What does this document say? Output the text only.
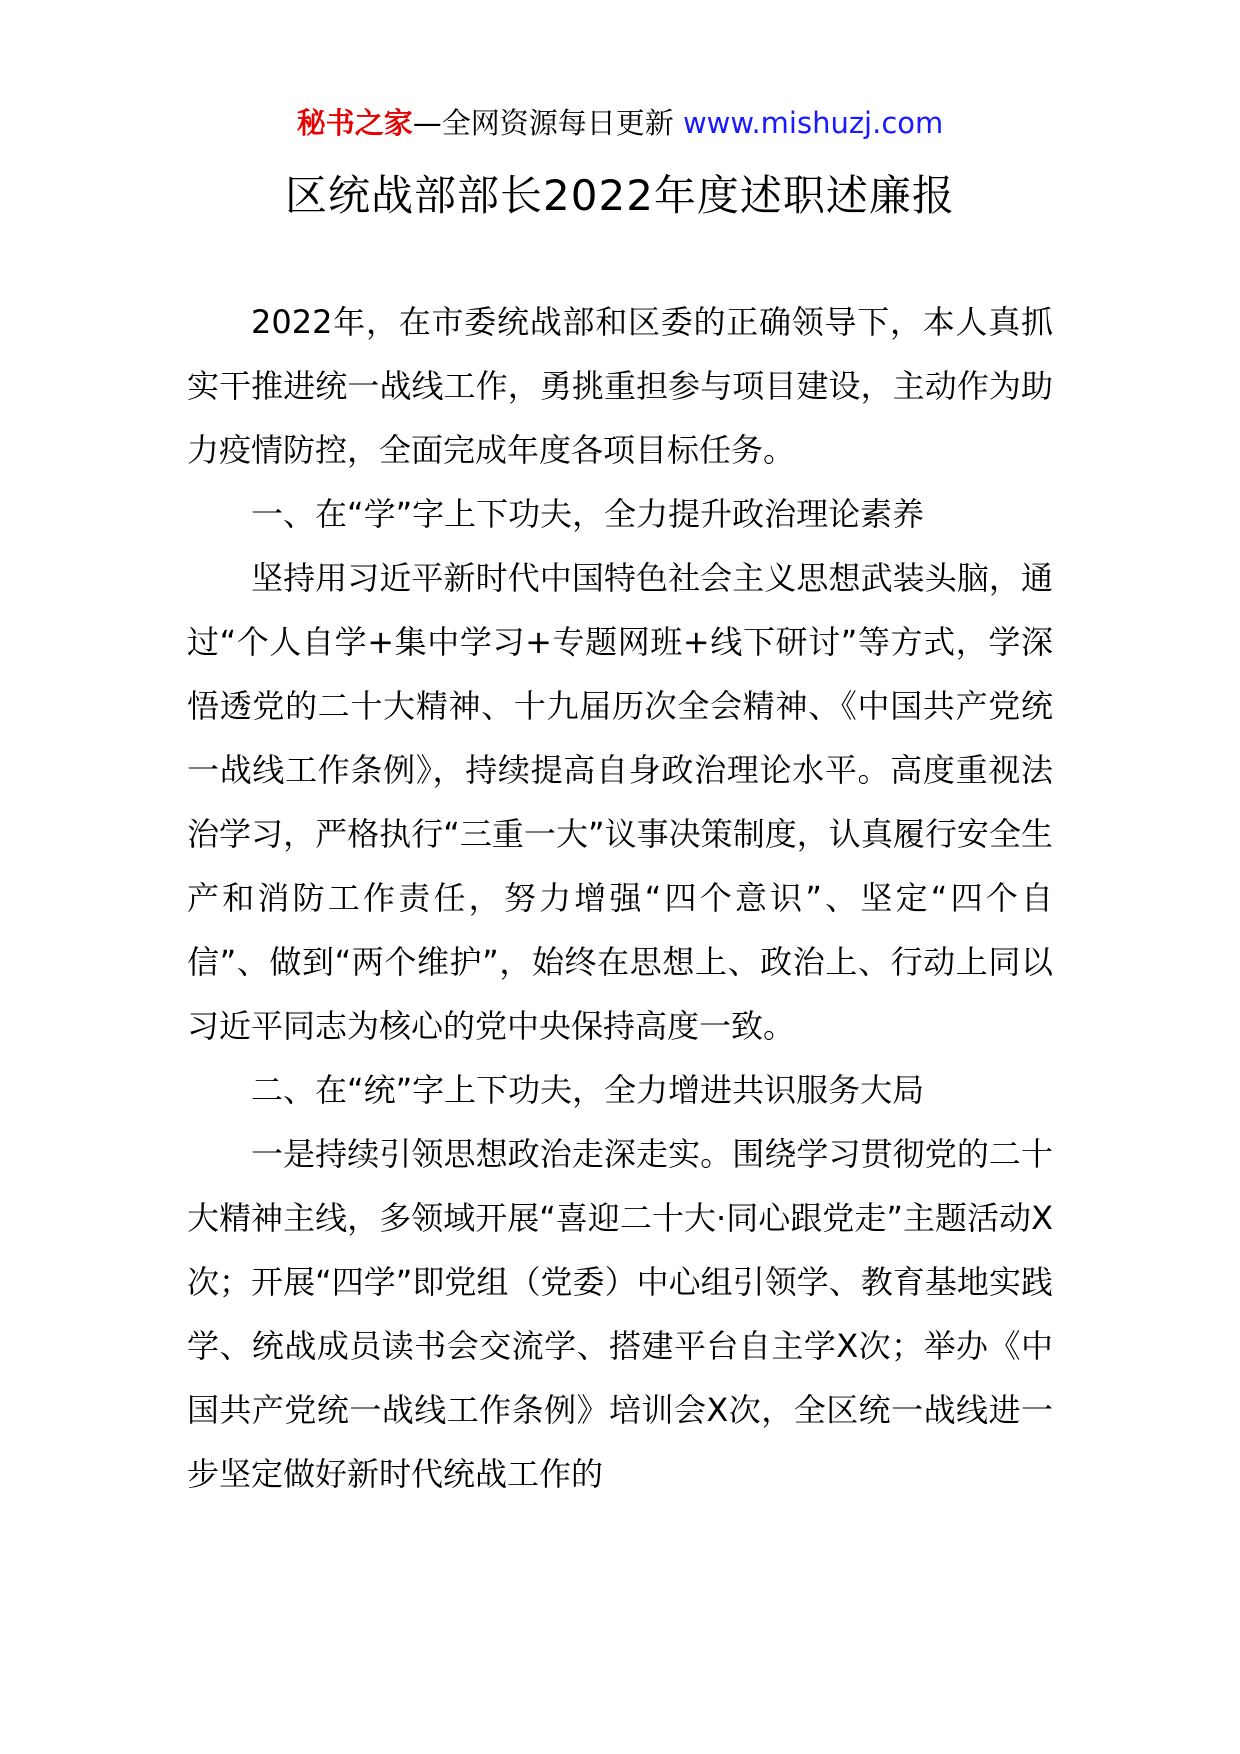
秘书之家—全网资源每日更新 www.mishuzj.com
区统战部部长2022年度述职述廉报

2022年，在市委统战部和区委的正确领导下，本人真抓实干推进统一战线工作，勇挑重担参与项目建设，主动作为助力疫情防控，全面完成年度各项目标任务。

一、在“学”字上下功夫，全力提升政治理论素养

坚持用习近平新时代中国特色社会主义思想武装头脑，通过“个人自学+集中学习+专题网班+线下研讨”等方式，学深悟透党的二十大精神、十九届历次全会精神、《中国共产党统一战线工作条例》，持续提高自身政治理论水平。高度重视法治学习，严格执行“三重一大”议事决策制度，认真履行安全生产和消防工作责任，努力增强“四个意识”、坚定“四个自信”、做到“两个维护”，始终在思想上、政治上、行动上同以习近平同志为核心的党中央保持高度一致。

二、在“统”字上下功夫，全力增进共识服务大局

一是持续引领思想政治走深走实。围绕学习贯彻党的二十大精神主线，多领域开展“喜迎二十大·同心跟党走”主题活动X次；开展“四学”即党组（党委）中心组引领学、教育基地实践学、统战成员读书会交流学、搭建平台自主学X次；举办《中国共产党统一战线工作条例》培训会X次，全区统一战线进一步坚定做好新时代统战工作的
